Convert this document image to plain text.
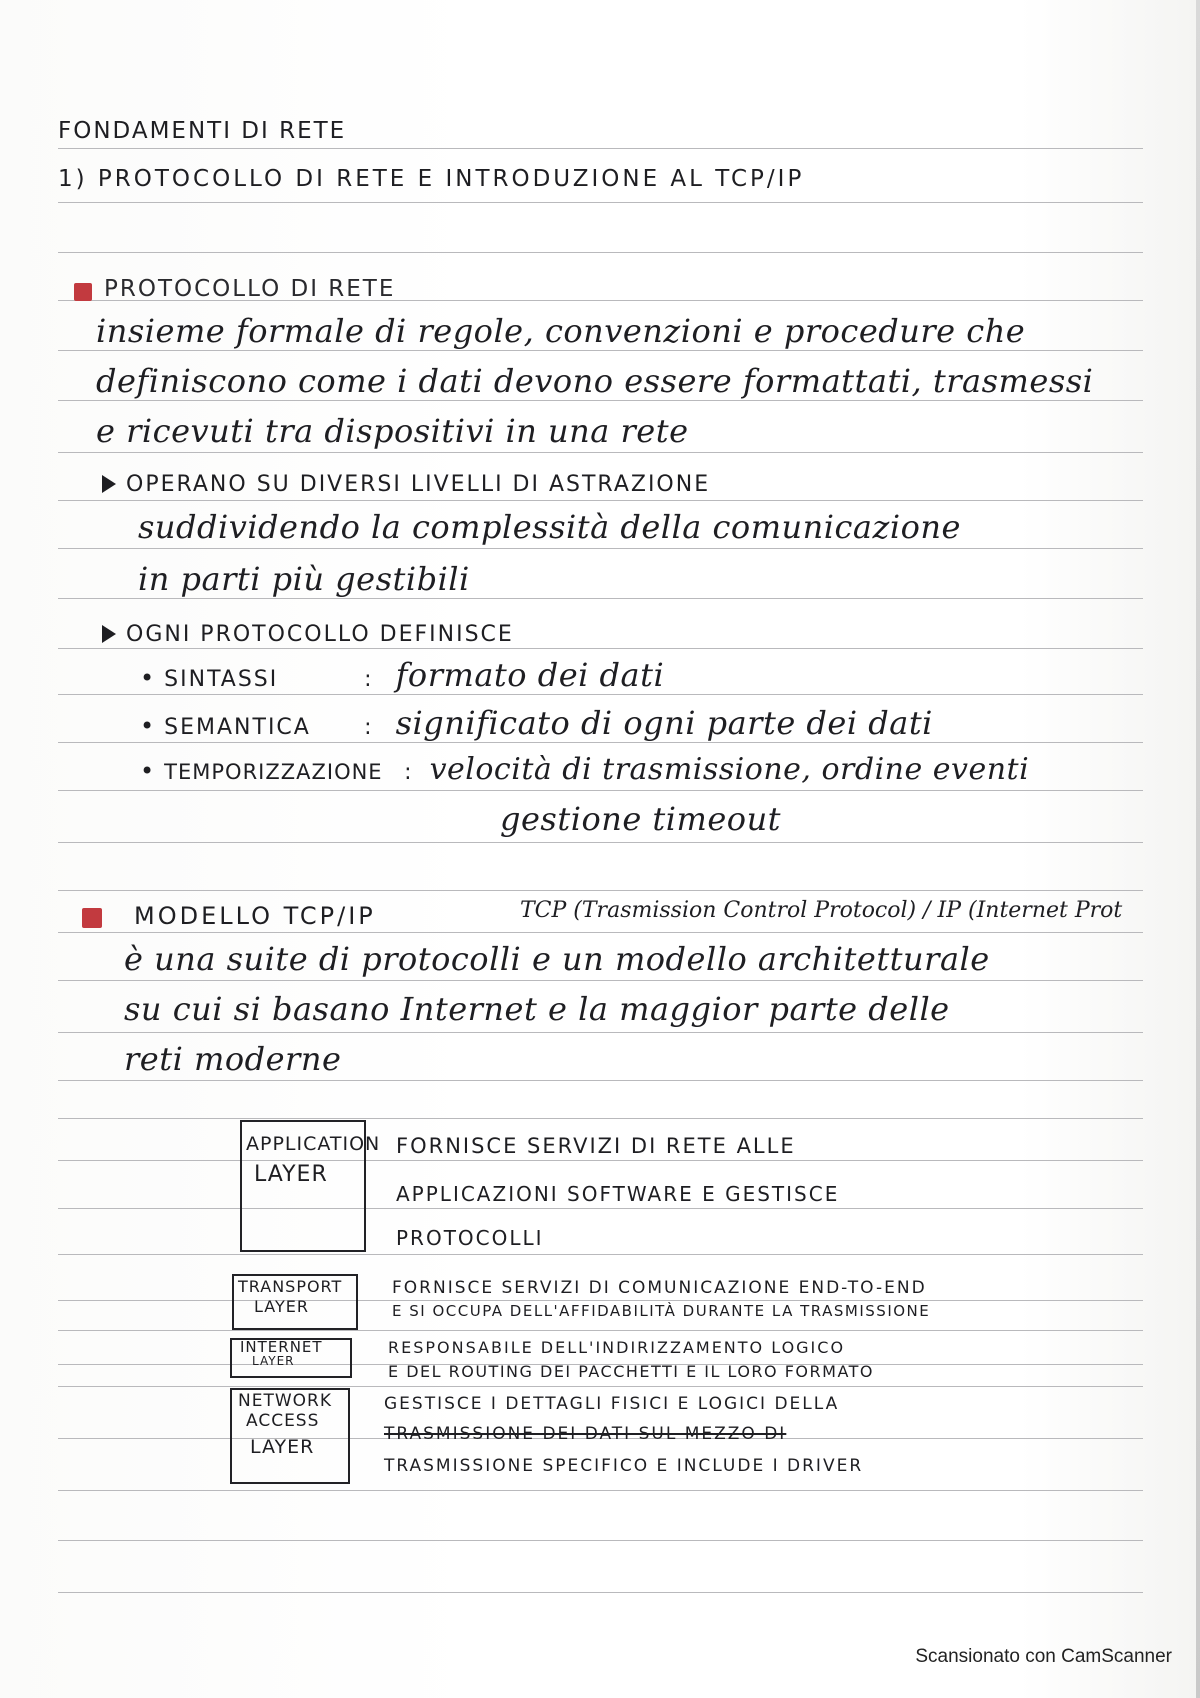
FONDAMENTI DI RETE
1) PROTOCOLLO DI RETE E INTRODUZIONE AL TCP/IP
PROTOCOLLO DI RETE
insieme formale di regole, convenzioni e procedure che
definiscono come i dati devono essere formattati, trasmessi
e ricevuti tra dispositivi in una rete
OPERANO SU DIVERSI LIVELLI DI ASTRAZIONE
suddividendo la complessità della comunicazione
in parti più gestibili
OGNI PROTOCOLLO DEFINISCE
• SINTASSI	: formato dei dati
• SEMANTICA : significato di ogni parte dei dati
• TEMPORIZZAZIONE : velocità di trasmissione, ordine eventi
gestione timeout
MODELLO TCP/IP	TCP (Trasmission Control Protocol) / IP (Internet Prot
è una suite di protocolli e un modello architetturale
su cui si basano Internet e la maggior parte delle
reti moderne
APPLICATION
LAYER
FORNISCE SERVIZI DI RETE ALLE
APPLICAZIONI SOFTWARE E GESTISCE
PROTOCOLLI
TRANSPORT
LAYER
FORNISCE SERVIZI DI COMUNICAZIONE END-TO-END
E SI OCCUPA DELL'AFFIDABILITÀ DURANTE LA TRASMISSIONE
INTERNET
LAYER
RESPONSABILE DELL'INDIRIZZAMENTO LOGICO
E DEL ROUTING DEI PACCHETTI E IL LORO FORMATO
NETWORK
ACCESS
LAYER
GESTISCE I DETTAGLI FISICI E LOGICI DELLA
TRASMISSIONE DEI DATI SUL MEZZO DI
TRASMISSIONE SPECIFICO E INCLUDE I DRIVER
Scansionato con CamScanner
